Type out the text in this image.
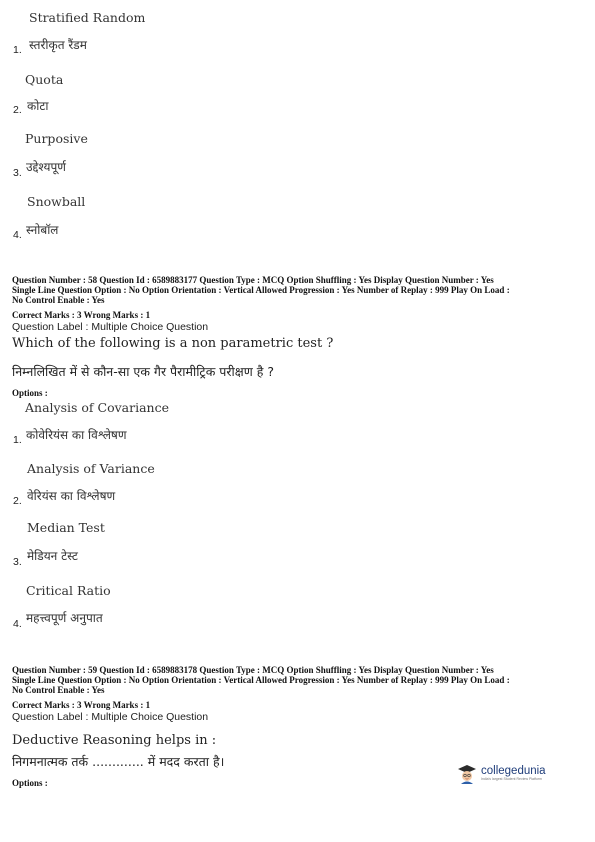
Stratified Random
1. स्तरीकृत रैंडम
Quota
2. कोटा
Purposive
3. उद्देश्यपूर्ण
Snowball
4. स्नोबॉल
Question Number : 58 Question Id : 6589883177 Question Type : MCQ Option Shuffling : Yes Display Question Number : Yes
Single Line Question Option : No Option Orientation : Vertical Allowed Progression : Yes Number of Replay : 999 Play On Load :
No Control Enable : Yes
Correct Marks : 3 Wrong Marks : 1
Question Label : Multiple Choice Question
Which of the following is a non parametric test ?
निम्नलिखित में से कौन-सा एक गैर पैरामीट्रिक परीक्षण है ?
Options :
Analysis of Covariance
1. कोवेरियंस का विश्लेषण
Analysis of Variance
2. वेरियंस का विश्लेषण
Median Test
3. मेडियन टेस्ट
Critical Ratio
4. महत्त्वपूर्ण अनुपात
Question Number : 59 Question Id : 6589883178 Question Type : MCQ Option Shuffling : Yes Display Question Number : Yes
Single Line Question Option : No Option Orientation : Vertical Allowed Progression : Yes Number of Replay : 999 Play On Load :
No Control Enable : Yes
Correct Marks : 3 Wrong Marks : 1
Question Label : Multiple Choice Question
Deductive Reasoning helps in :
निगमनात्मक तर्क ............. में मदद करता है।
Options :
collegedunia
India's largest Student Review Platform
